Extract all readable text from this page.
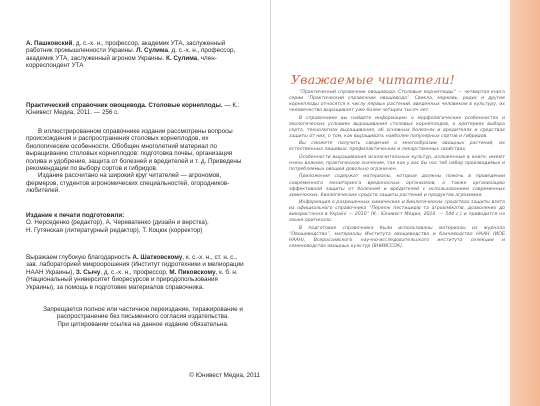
А. Пашковский, д. с.-х. н., профессор, академик УТА, заслуженный работник промышленности Украины. Л. Сулима, д. с.-х. н., профессор, академик УТА, заслуженный агроном Украины. К. Сулима, член-корреспондент УТА
Практический справочник овощевода. Столовые корнеплоды. — К.: Юнивест Медиа, 2011. — 256 с.
В иллюстрированном справочнике издании рассмотрены вопросы происхождения и распространения столовых корнеплодов, их биологические особенности. Обобщен многолетний материал по выращиванию столовых корнеплодов: подготовка почвы, организация полива и удобрения, защита от болезней и вредителей и т. д. Приведены рекомендации по выбору сортов и гибридов.
Издание рассчитано на широкий круг читателей — агрономов, фермеров, студентов агрономических специальностей, огородников-любителей.
Издание к печати подготовили:
О. Нерседенко (редактор), А. Череватенко (дизайн и верстка),
Н. Гутянская (литературный редактор), Т. Коцюк (корректор)
Выражаем глубокую благодарность А. Шатковскому, к. с.-х. н., ст. н. с., зав. лабораторией микроорошения (Институт гидротехники и мелиорации НААН Украины), З. Сычу, д. с.-х. н., профессор, М. Пиковскому, к. б. н. (Национальный университет биоресурсов и природопользования Украины), за помощь в подготовке материалов справочника.
Запрещается полное или частичное переиздание, тиражирование и распространение без письменного согласия издательства.
При цитировании ссылка на данное издание обязательна.
© Юнивест Медиа, 2011
Уважаемые читатели!

“Практический справочник овощевода. Столовые корнеплоды” — четвертая книга серии “Практический справочник овощевода”. Свекла, морковь, редис и другие корнеплоды относятся к числу первых растений, введенных человеком в культуру, их человечество выращивает уже более четырех тысяч лет.

В справочнике вы найдете информацию о морфологических особенностях и экологических условиях выращивания столовых корнеплодов, о критериях выбора сорта, технологиях выращивания, об основных болезнях и вредителях и средствах защиты от них, о том, как выращивать наиболее популярных сортов и гибридов.

Вы сможете получить сведения о многообразии овощных растений, их естественных пищевых, профилактических и лекарственных свойствах.

Особенности выращивания исключительных культур, изложенные в книге, имеют очень важное, практическое значение, так как у вас бы нас тоб набор производимых и потребляемых овощей довольно ограничен.

Приложения содержат материалы, которые должны помочь в проведении современного мониторинга вредоносных организмов, а также организацию эффективной защиты от болезней и вредителей с использованием современных химических, биологических средств защиты растений и продуктов агрохимии.

Информация о разрешенных химических и биологических средствах защиты взята из официального справочника “Перелік пестицидів та агрохімікатів, дозволених до використання в Україні — 2010” (К.: Юнивест Медиа, 2010. — 544 с.) и приводится на языке оригинала.

В подготовке справочника были использованы материалы из журнала “Овощеводство”, материалы Института овощеводства и бахчеводства НААН (ИОБ НААН), Всероссийского научно-исследовательского института селекции и семеноводства овощных культур (ВНИИССОК).
